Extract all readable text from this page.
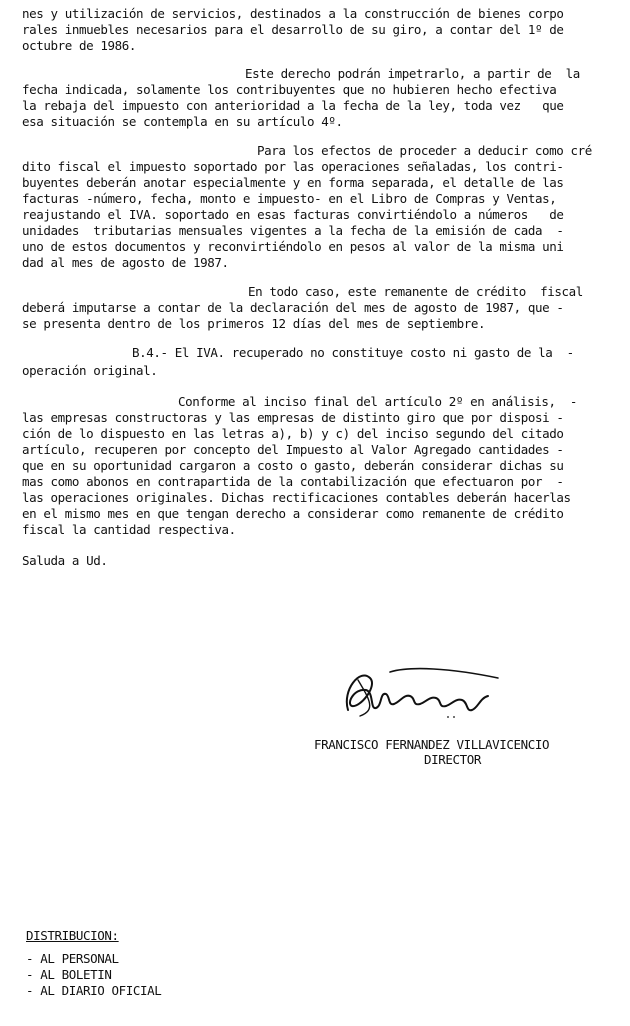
nes y utilización de servicios, destinados a la construcción de bienes corpo
rales inmuebles necesarios para el desarrollo de su giro, a contar del 1º de
octubre de 1986.
Este derecho podrán impetrarlo, a partir de  la
fecha indicada, solamente los contribuyentes que no hubieren hecho efectiva
la rebaja del impuesto con anterioridad a la fecha de la ley, toda vez   que
esa situación se contempla en su artículo 4º.
Para los efectos de proceder a deducir como cré
dito fiscal el impuesto soportado por las operaciones señaladas, los contri-
buyentes deberán anotar especialmente y en forma separada, el detalle de las
facturas -número, fecha, monto e impuesto- en el Libro de Compras y Ventas,
reajustando el IVA. soportado en esas facturas convirtiéndolo a números   de
unidades  tributarias mensuales vigentes a la fecha de la emisión de cada  -
uno de estos documentos y reconvirtiéndolo en pesos al valor de la misma uni
dad al mes de agosto de 1987.
En todo caso, este remanente de crédito  fiscal
deberá imputarse a contar de la declaración del mes de agosto de 1987, que -
se presenta dentro de los primeros 12 días del mes de septiembre.
B.4.- El IVA. recuperado no constituye costo ni gasto de la  -
operación original.
Conforme al inciso final del artículo 2º en análisis,  -
las empresas constructoras y las empresas de distinto giro que por disposi -
ción de lo dispuesto en las letras a), b) y c) del inciso segundo del citado
artículo, recuperen por concepto del Impuesto al Valor Agregado cantidades -
que en su oportunidad cargaron a costo o gasto, deberán considerar dichas su
mas como abonos en contrapartida de la contabilización que efectuaron por  -
las operaciones originales. Dichas rectificaciones contables deberán hacerlas
en el mismo mes en que tengan derecho a considerar como remanente de crédito
fiscal la cantidad respectiva.
Saluda a Ud.
FRANCISCO FERNANDEZ VILLAVICENCIO
DIRECTOR
DISTRIBUCION:
- AL PERSONAL
- AL BOLETIN
- AL DIARIO OFICIAL
